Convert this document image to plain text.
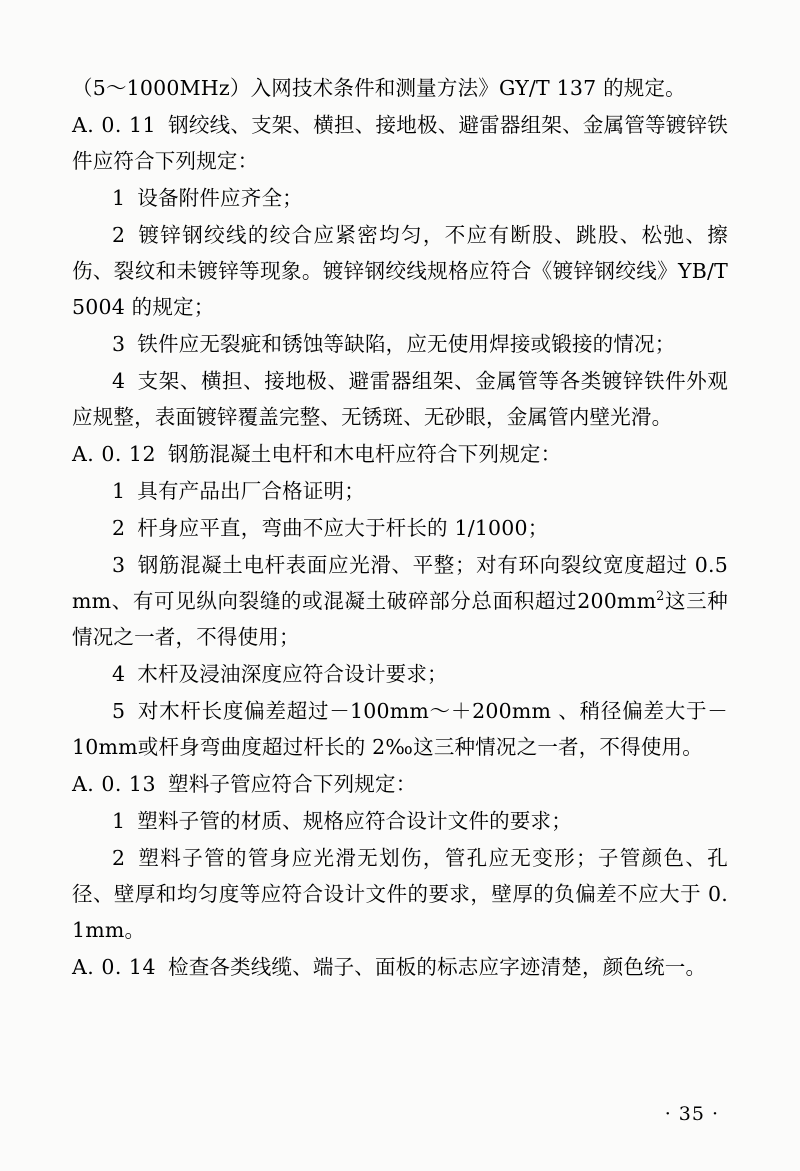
（5～1000MHz）入网技术条件和测量方法》GY/T 137 的规定。

A. 0. 11 钢绞线、支架、横担、接地极、避雷器组架、金属管等镀锌铁件应符合下列规定：

1 设备附件应齐全；

2 镀锌钢绞线的绞合应紧密均匀，不应有断股、跳股、松弛、擦伤、裂纹和未镀锌等现象。镀锌钢绞线规格应符合《镀锌钢绞线》YB/T 5004 的规定；

3 铁件应无裂疵和锈蚀等缺陷，应无使用焊接或锻接的情况；

4 支架、横担、接地极、避雷器组架、金属管等各类镀锌铁件外观应规整，表面镀锌覆盖完整、无锈斑、无砂眼，金属管内壁光滑。

A. 0. 12 钢筋混凝土电杆和木电杆应符合下列规定：

1 具有产品出厂合格证明；

2 杆身应平直，弯曲不应大于杆长的 1/1000；

3 钢筋混凝土电杆表面应光滑、平整；对有环向裂纹宽度超过 0.5mm、有可见纵向裂缝的或混凝土破碎部分总面积超过$200mm^2$这三种情况之一者，不得使用；

4 木杆及浸油深度应符合设计要求；

5 对木杆长度偏差超过－100mm～＋200mm 、稍径偏差大于－10mm或杆身弯曲度超过杆长的 2‰这三种情况之一者，不得使用。

A. 0. 13 塑料子管应符合下列规定：

1 塑料子管的材质、规格应符合设计文件的要求；

2 塑料子管的管身应光滑无划伤，管孔应无变形；子管颜色、孔径、壁厚和均匀度等应符合设计文件的要求，壁厚的负偏差不应大于 0.1mm。

A. 0. 14 检查各类线缆、端子、面板的标志应字迹清楚，颜色统一。

· 35 ·
